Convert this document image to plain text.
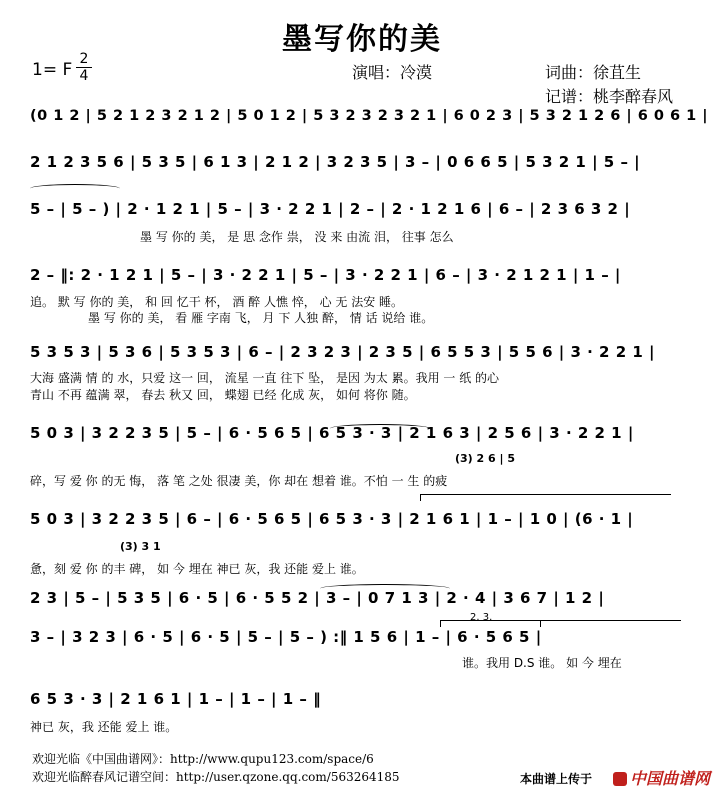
墨写你的美
1= F
2
4	演唱：冷漠	词曲：徐苴生
记谱：桃李醉春风
(0 1 2 | 5 2 1 2 3 2 1 2 | 5 0 1 2 | 5 3 2 3 2 3 2 1 | 6 0 2 3 | 5 3 2 1 2 6 | 6 0 6 1 |
2 1 2 3 5 6 | 5 3 5 | 6 1 3 | 2 1 2 | 3 2 3 5 | 3 – | 0 6 6 5 | 5 3 2 1 | 5 – |
5 – | 5 – ) | 2 · 1 2 1 | 5 – | 3 · 2 2 1 | 2 – | 2 · 1 2 1 6 | 6 – | 2 3 6 3 2 |
墨 写 你的 美， 是 思 念作 祟， 没 来 由流 泪， 往事 怎么
2 – ‖: 2 · 1 2 1 | 5 – | 3 · 2 2 1 | 5 – | 3 · 2 2 1 | 6 – | 3 · 2 1 2 1 | 1 – |
追。 默 写 你的 美， 和 回 忆干 杯， 酒 醉 人憔 悴， 心 无 法安 睡。
墨 写 你的 美， 看 雁 字南 飞， 月 下 人独 醉， 情 话 说给 谁。
5 3 5 3 | 5 3 6 | 5 3 5 3 | 6 – | 2 3 2 3 | 2 3 5 | 6 5 5 3 | 5 5 6 | 3 · 2 2 1 |
大海 盛满 情 的 水，只爱 这一 回， 流星 一直 往下 坠， 是因 为太 累。我用 一 纸 的心
青山 不再 蕴满 翠， 春去 秋又 回， 蝶翅 已经 化成 灰， 如何 将你 随。
5 0 3 | 3 2 2 3 5 | 5 – | 6 · 5 6 5 | 6 5 3 · 3 | 2 1 6 3 | 2 5 6 | 3 · 2 2 1 |
(3) 2 6 | 5
碎，写 爱 你 的无 悔， 落 笔 之处 很凄 美，你 却在 想着 谁。不怕 一 生 的疲
5 0 3 | 3 2 2 3 5 | 6 – | 6 · 5 6 5 | 6 5 3 · 3 | 2 1 6 1 | 1 – | 1 0 | (6 · 1 |
(3) 3 1
惫，刻 爱 你 的丰 碑， 如 今 埋在 神已 灰，我 还能 爱上 谁。
2 3 | 5 – | 5 3 5 | 6 · 5 | 6 · 5 5 2 | 3 – | 0 7 1 3 | 2 · 4 | 3 6 7 | 1 2 |
3 – | 3 2 3 | 6 · 5 | 6 · 5 | 5 – | 5 – ) :‖ 1 5 6 | 1 – | 6 · 5 6 5 |
2. 3.
谁。我用 D.S 谁。 如 今 埋在
6 5 3 · 3 | 2 1 6 1 | 1 – | 1 – | 1 – ‖
神已 灰，我 还能 爱上 谁。
欢迎光临《中国曲谱网》：http://www.qupu123.com/space/6
欢迎光临醉春风记谱空间：http://user.qzone.qq.com/563264185	本曲谱上传于	中国曲谱网
